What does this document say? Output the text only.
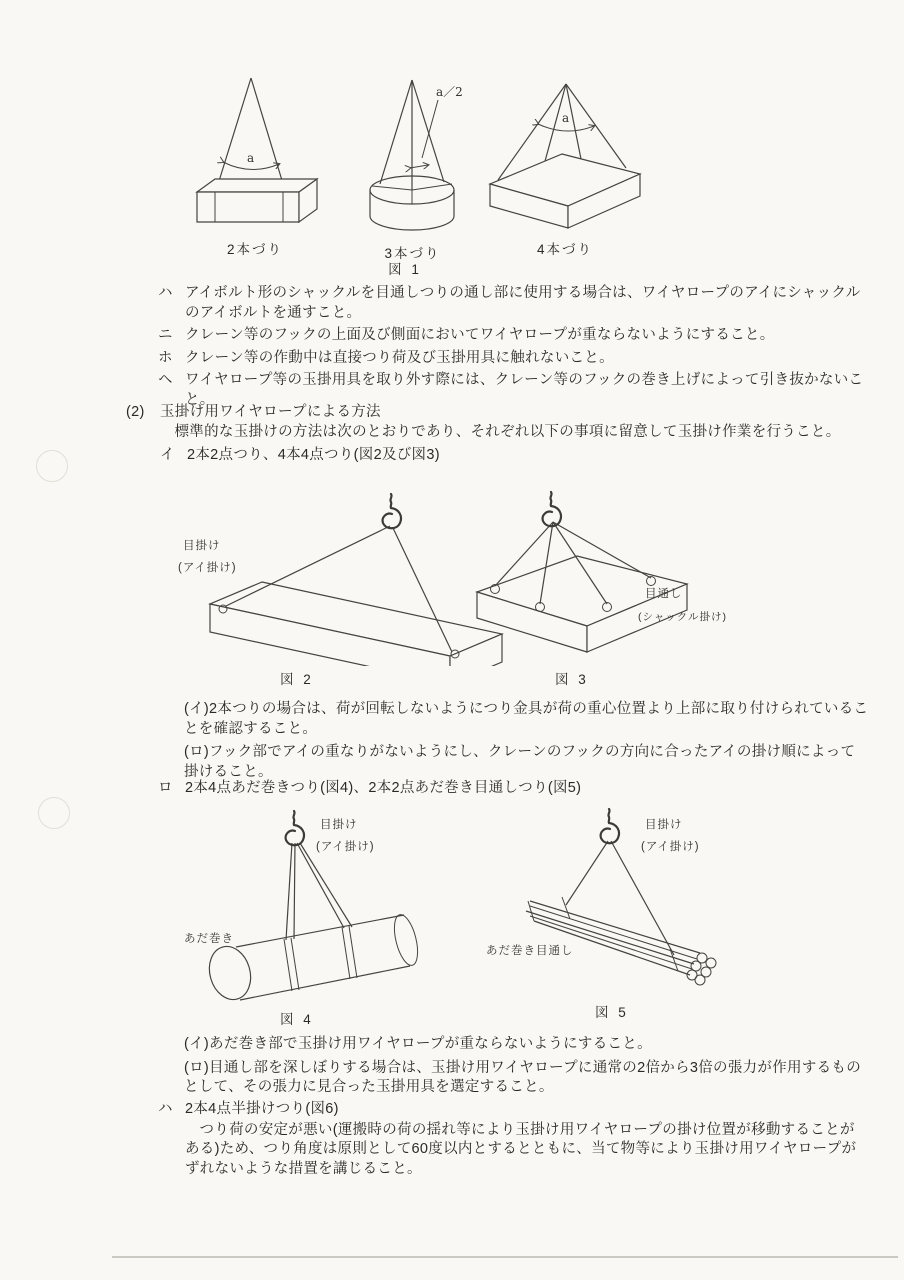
a
2本づり
a／2
3本づり
a
4本づり
図 1
ハ アイボルト形のシャックルを目通しつりの通し部に使用する場合は、ワイヤロープのアイにシャックルのアイボルトを通すこと。
ニ クレーン等のフックの上面及び側面においてワイヤロープが重ならないようにすること。
ホ クレーン等の作動中は直接つり荷及び玉掛用具に触れないこと。
ヘ ワイヤロープ等の玉掛用具を取り外す際には、クレーン等のフックの巻き上げによって引き抜かないこと。
(2)	玉掛け用ワイヤロープによる方法
標準的な玉掛けの方法は次のとおりであり、それぞれ以下の事項に留意して玉掛け作業を行うこと。
イ 2本2点つり、4本4点つり(図2及び図3)
目掛け
(アイ掛け)
図 2
目通し
(シャックル掛け)
図 3
(イ)2本つりの場合は、荷が回転しないようにつり金具が荷の重心位置より上部に取り付けられていることを確認すること。
(ロ)フック部でアイの重なりがないようにし、クレーンのフックの方向に合ったアイの掛け順によって掛けること。
ロ 2本4点あだ巻きつり(図4)、2本2点あだ巻き目通しつり(図5)
目掛け
(アイ掛け)
あだ巻き
図 4
目掛け
(アイ掛け)
あだ巻き目通し
図 5
(イ)あだ巻き部で玉掛け用ワイヤロープが重ならないようにすること。
(ロ)目通し部を深しぼりする場合は、玉掛け用ワイヤロープに通常の2倍から3倍の張力が作用するものとして、その張力に見合った玉掛用具を選定すること。
ハ 2本4点半掛けつり(図6)
つり荷の安定が悪い(運搬時の荷の揺れ等により玉掛け用ワイヤロープの掛け位置が移動することがある)ため、つり角度は原則として60度以内とするとともに、当て物等により玉掛け用ワイヤロープがずれないような措置を講じること。
